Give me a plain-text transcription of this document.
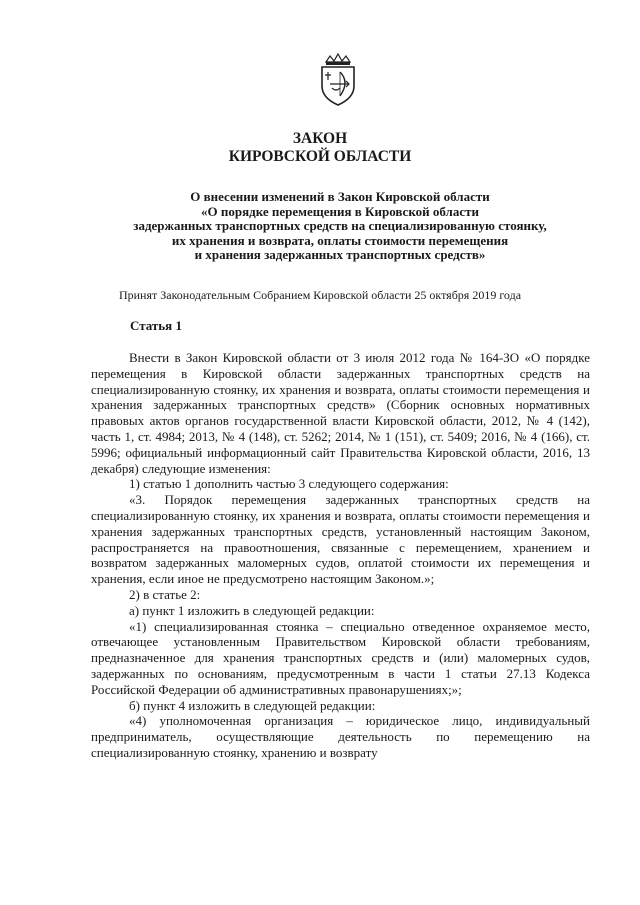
ЗАКОН
КИРОВСКОЙ ОБЛАСТИ
О внесении изменений в Закон Кировской области
«О порядке перемещения в Кировской области
задержанных транспортных средств на специализированную стоянку,
их хранения и возврата, оплаты стоимости перемещения
и хранения задержанных транспортных средств»
Принят Законодательным Собранием Кировской области 25 октября 2019 года
Статья 1

Внести в Закон Кировской области от 3 июля 2012 года № 164-ЗО «О порядке перемещения в Кировской области задержанных транспортных средств на специализированную стоянку, их хранения и возврата, оплаты стоимости перемещения и хранения задержанных транспортных средств» (Сборник основных нормативных правовых актов органов государственной власти Кировской области, 2012, № 4 (142), часть 1, ст. 4984; 2013, № 4 (148), ст. 5262; 2014, № 1 (151), ст. 5409; 2016, № 4 (166), ст. 5996; официальный информационный сайт Правительства Кировской области, 2016, 13 декабря) следующие изменения:

1) статью 1 дополнить частью 3 следующего содержания:

«3. Порядок перемещения задержанных транспортных средств на специализированную стоянку, их хранения и возврата, оплаты стоимости перемещения и хранения задержанных транспортных средств, установленный настоящим Законом, распространяется на правоотношения, связанные с перемещением, хранением и возвратом задержанных маломерных судов, оплатой стоимости их перемещения и хранения, если иное не предусмотрено настоящим Законом.»;

2) в статье 2:

а) пункт 1 изложить в следующей редакции:

«1) специализированная стоянка – специально отведенное охраняемое место, отвечающее установленным Правительством Кировской области требованиям, предназначенное для хранения транспортных средств и (или) маломерных судов, задержанных по основаниям, предусмотренным в части 1 статьи 27.13 Кодекса Российской Федерации об административных правонарушениях;»;

б) пункт 4 изложить в следующей редакции:

«4) уполномоченная организация – юридическое лицо, индивидуальный предприниматель, осуществляющие деятельность по перемещению на специализированную стоянку, хранению и возврату
